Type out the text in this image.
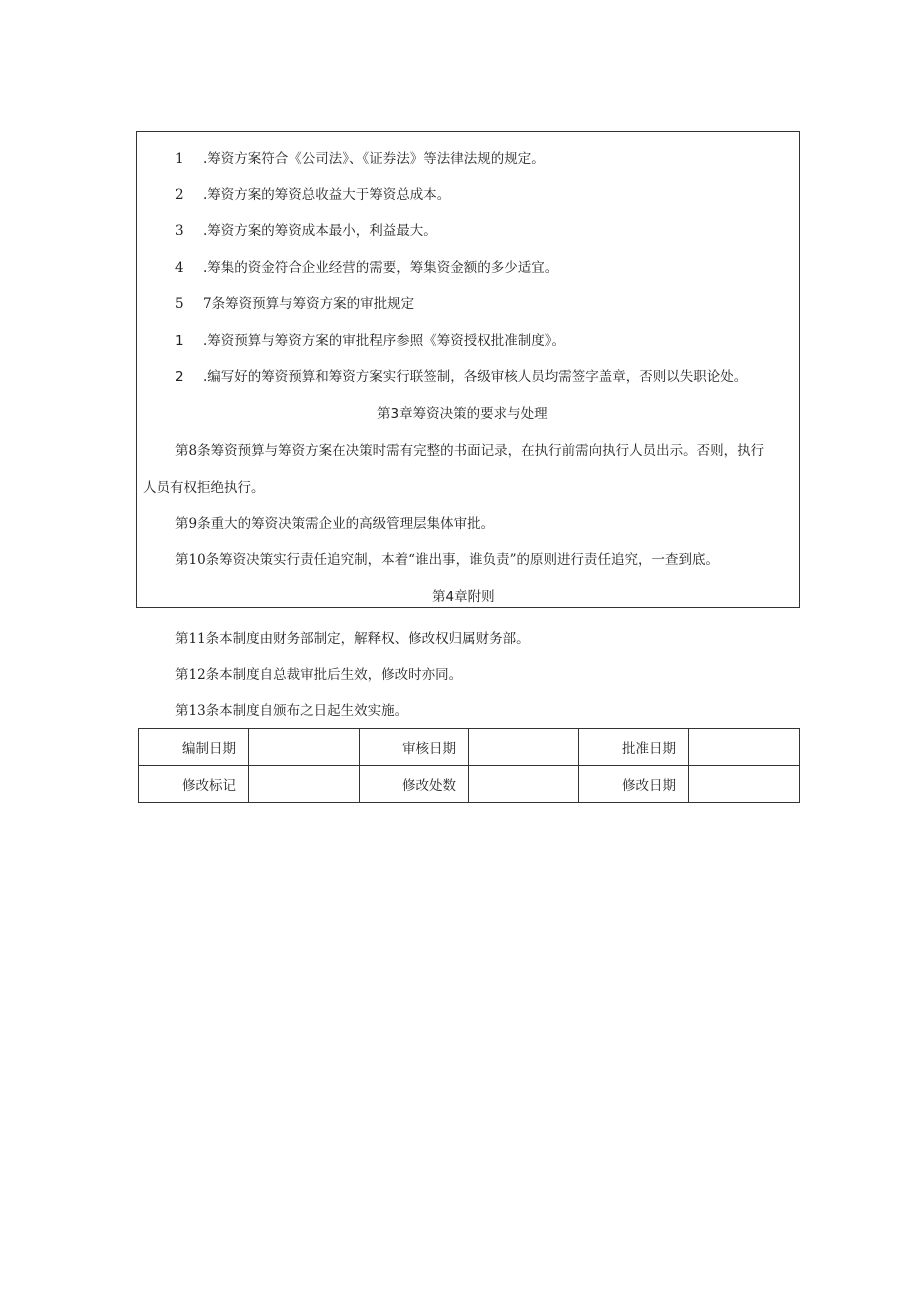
1 .筹资方案符合《公司法》、《证券法》等法律法规的规定。
2 .筹资方案的筹资总收益大于筹资总成本。
3 .筹资方案的筹资成本最小，利益最大。
4 .筹集的资金符合企业经营的需要，筹集资金额的多少适宜。
5 7条筹资预算与筹资方案的审批规定
1 .筹资预算与筹资方案的审批程序参照《筹资授权批准制度》。
2 .编写好的筹资预算和筹资方案实行联签制，各级审核人员均需签字盖章，否则以失职论处。
第3章筹资决策的要求与处理
第8条筹资预算与筹资方案在决策时需有完整的书面记录，在执行前需向执行人员出示。否则，执行
人员有权拒绝执行。
第9条重大的筹资决策需企业的高级管理层集体审批。
第10条筹资决策实行责任追究制，本着“谁出事，谁负责”的原则进行责任追究，一查到底。
第4章附则
第11条本制度由财务部制定，解释权、修改权归属财务部。
第12条本制度自总裁审批后生效，修改时亦同。
第13条本制度自颁布之日起生效实施。
编制日期		审核日期		批准日期	
修改标记		修改处数		修改日期	
